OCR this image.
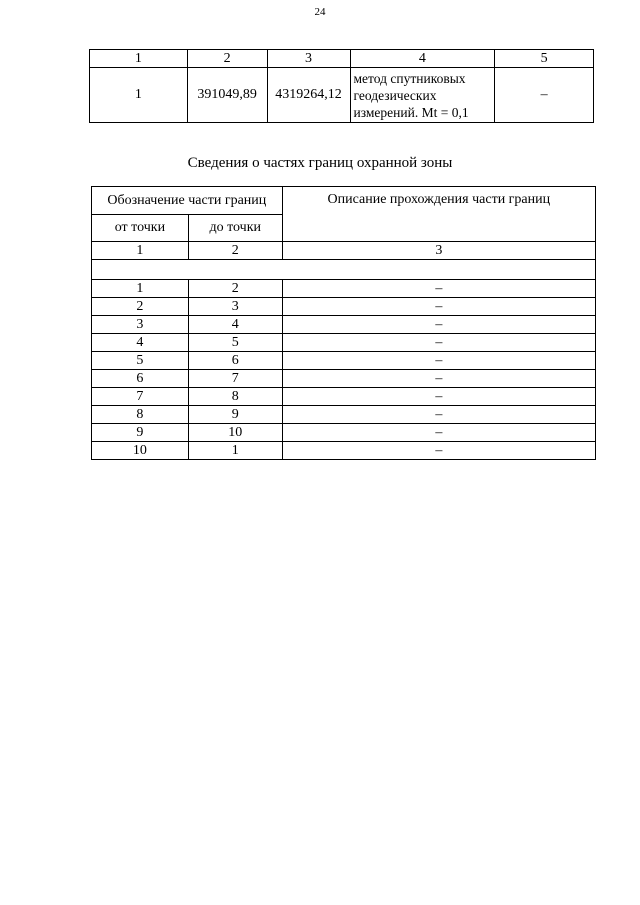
24
1	2	3	4	5
1	391049,89	4319264,12	метод спутниковых
геодезических
измерений. Mt = 0,1	–
Сведения о частях границ охранной зоны
Обозначение части границ		Описание прохождения части границ
от точки	до точки	
1	2	3

1	2	–
2	3	–
3	4	–
4	5	–
5	6	–
6	7	–
7	8	–
8	9	–
9	10	–
10	1	–
